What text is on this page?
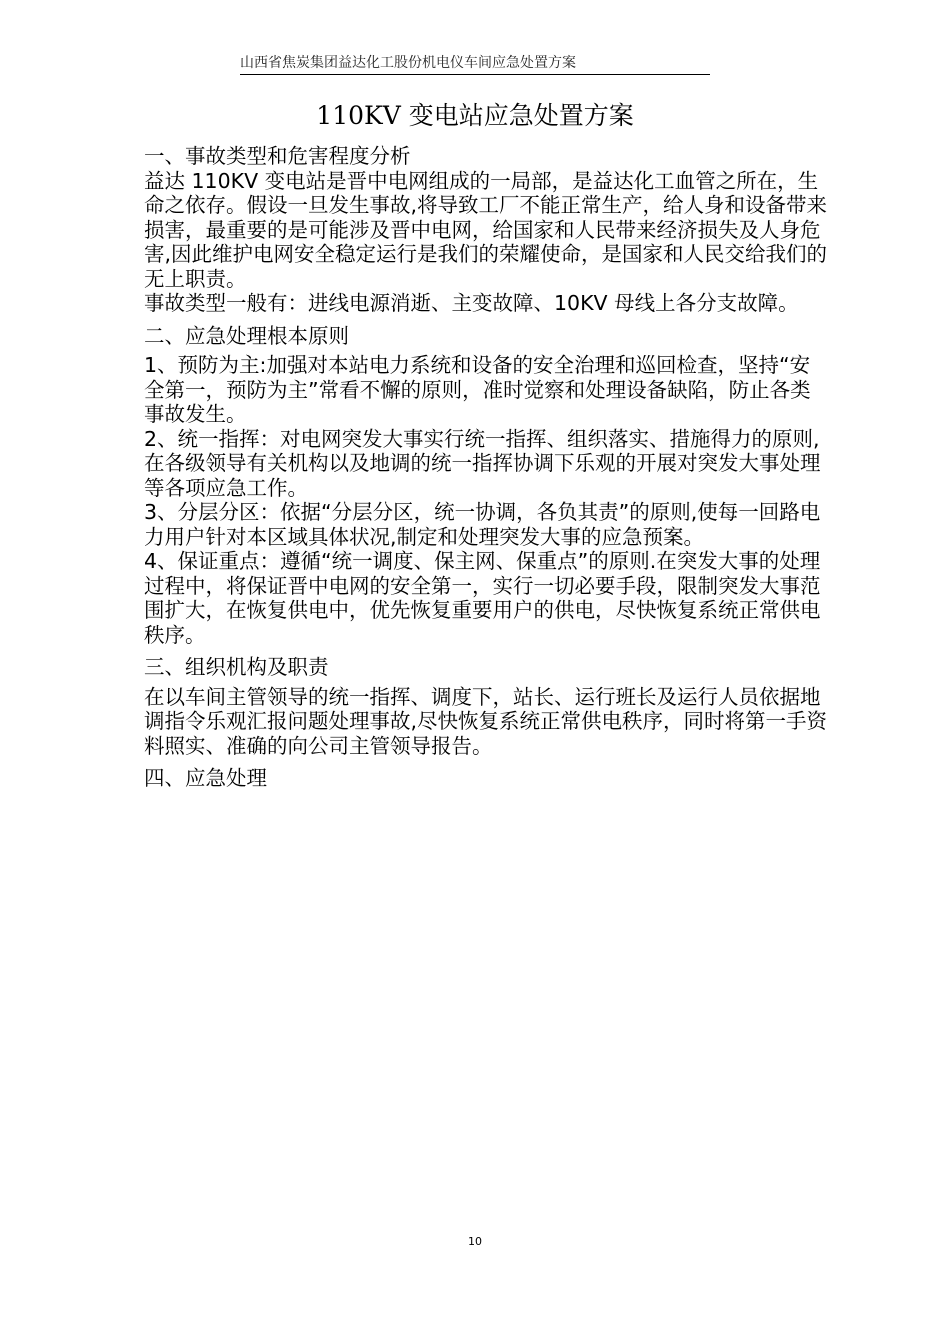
山西省焦炭集团益达化工股份机电仪车间应急处置方案
110KV 变电站应急处置方案

一、事故类型和危害程度分析

益达 110KV 变电站是晋中电网组成的一局部，是益达化工血管之所在，生命之依存。假设一旦发生事故,将导致工厂不能正常生产，给人身和设备带来损害，最重要的是可能涉及晋中电网，给国家和人民带来经济损失及人身危害,因此维护电网安全稳定运行是我们的荣耀使命，是国家和人民交给我们的无上职责。

事故类型一般有：进线电源消逝、主变故障、10KV 母线上各分支故障。

二、应急处理根本原则

1、预防为主:加强对本站电力系统和设备的安全治理和巡回检查，坚持“安全第一，预防为主”常看不懈的原则，准时觉察和处理设备缺陷，防止各类事故发生。

2、统一指挥：对电网突发大事实行统一指挥、组织落实、措施得力的原则,在各级领导有关机构以及地调的统一指挥协调下乐观的开展对突发大事处理等各项应急工作。

3、分层分区：依据“分层分区，统一协调，各负其责”的原则,使每一回路电力用户针对本区域具体状况,制定和处理突发大事的应急预案。

4、保证重点：遵循“统一调度、保主网、保重点”的原则.在突发大事的处理过程中，将保证晋中电网的安全第一，实行一切必要手段，限制突发大事范围扩大，在恢复供电中，优先恢复重要用户的供电，尽快恢复系统正常供电秩序。

三、组织机构及职责

在以车间主管领导的统一指挥、调度下，站长、运行班长及运行人员依据地调指令乐观汇报问题处理事故,尽快恢复系统正常供电秩序，同时将第一手资料照实、准确的向公司主管领导报告。

四、应急处理

10
